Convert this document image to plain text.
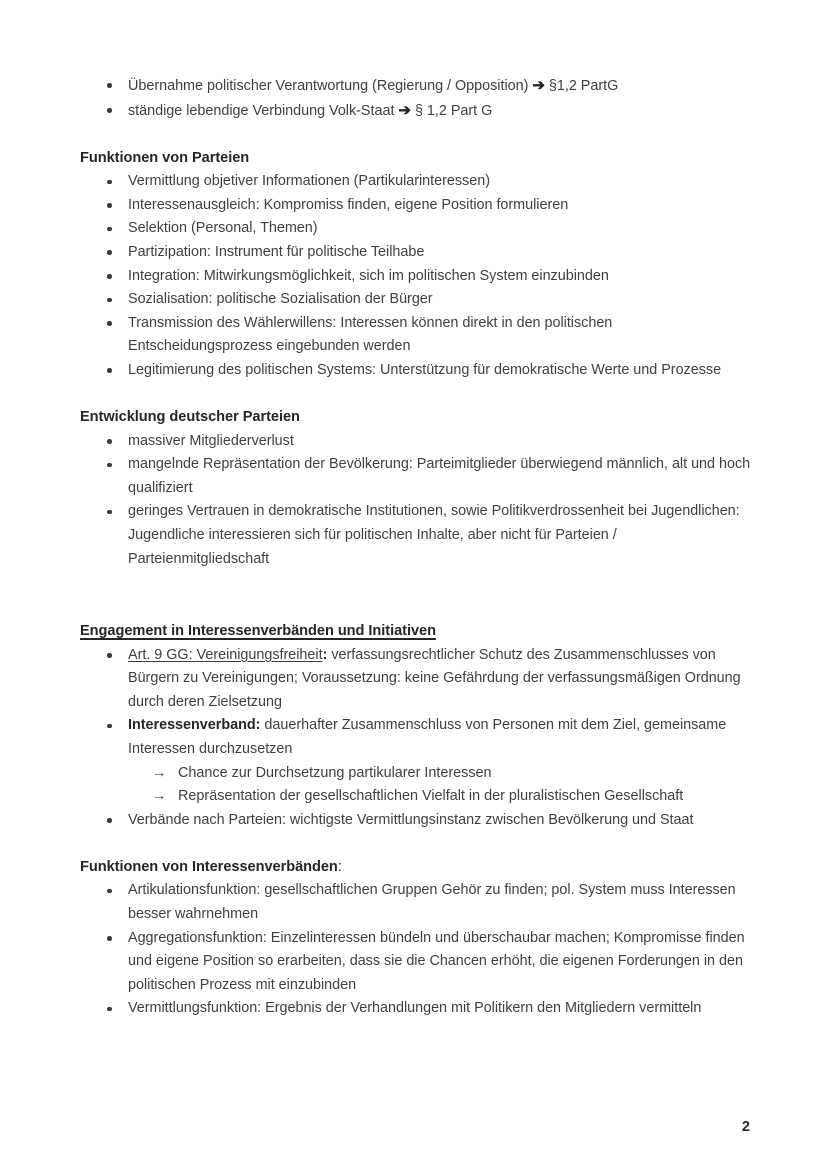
Übernahme politischer Verantwortung (Regierung / Opposition) ➔ §1,2 PartG
ständige lebendige Verbindung Volk-Staat ➔ § 1,2 Part G
Funktionen von Parteien
Vermittlung objetiver Informationen (Partikularinteressen)
Interessenausgleich: Kompromiss finden, eigene Position formulieren
Selektion (Personal, Themen)
Partizipation: Instrument für politische Teilhabe
Integration: Mitwirkungsmöglichkeit, sich im politischen System einzubinden
Sozialisation: politische Sozialisation der Bürger
Transmission des Wählerwillens: Interessen können direkt in den politischen Entscheidungsprozess eingebunden werden
Legitimierung des politischen Systems: Unterstützung für demokratische Werte und Prozesse
Entwicklung deutscher Parteien
massiver Mitgliederverlust
mangelnde Repräsentation der Bevölkerung: Parteimitglieder überwiegend männlich, alt und hoch qualifiziert
geringes Vertrauen in demokratische Institutionen, sowie Politikverdrossenheit bei Jugendlichen: Jugendliche interessieren sich für politischen Inhalte, aber nicht für Parteien / Parteienmitgliedschaft
Engagement in Interessenverbänden und Initiativen
Art. 9 GG: Vereinigungsfreiheit: verfassungsrechtlicher Schutz des Zusammenschlusses von Bürgern zu Vereinigungen; Voraussetzung: keine Gefährdung der verfassungsmäßigen Ordnung durch deren Zielsetzung
Interessenverband: dauerhafter Zusammenschluss von Personen mit dem Ziel, gemeinsame Interessen durchzusetzen
→ Chance zur Durchsetzung partikularer Interessen
→ Repräsentation der gesellschaftlichen Vielfalt in der pluralistischen Gesellschaft
Verbände nach Parteien: wichtigste Vermittlungsinstanz zwischen Bevölkerung und Staat
Funktionen von Interessenverbänden:
Artikulationsfunktion: gesellschaftlichen Gruppen Gehör zu finden; pol. System muss Interessen besser wahrnehmen
Aggregationsfunktion: Einzelinteressen bündeln und überschaubar machen; Kompromisse finden und eigene Position so erarbeiten, dass sie die Chancen erhöht, die eigenen Forderungen in den politischen Prozess mit einzubinden
Vermittlungsfunktion: Ergebnis der Verhandlungen mit Politikern den Mitgliedern vermitteln
2
